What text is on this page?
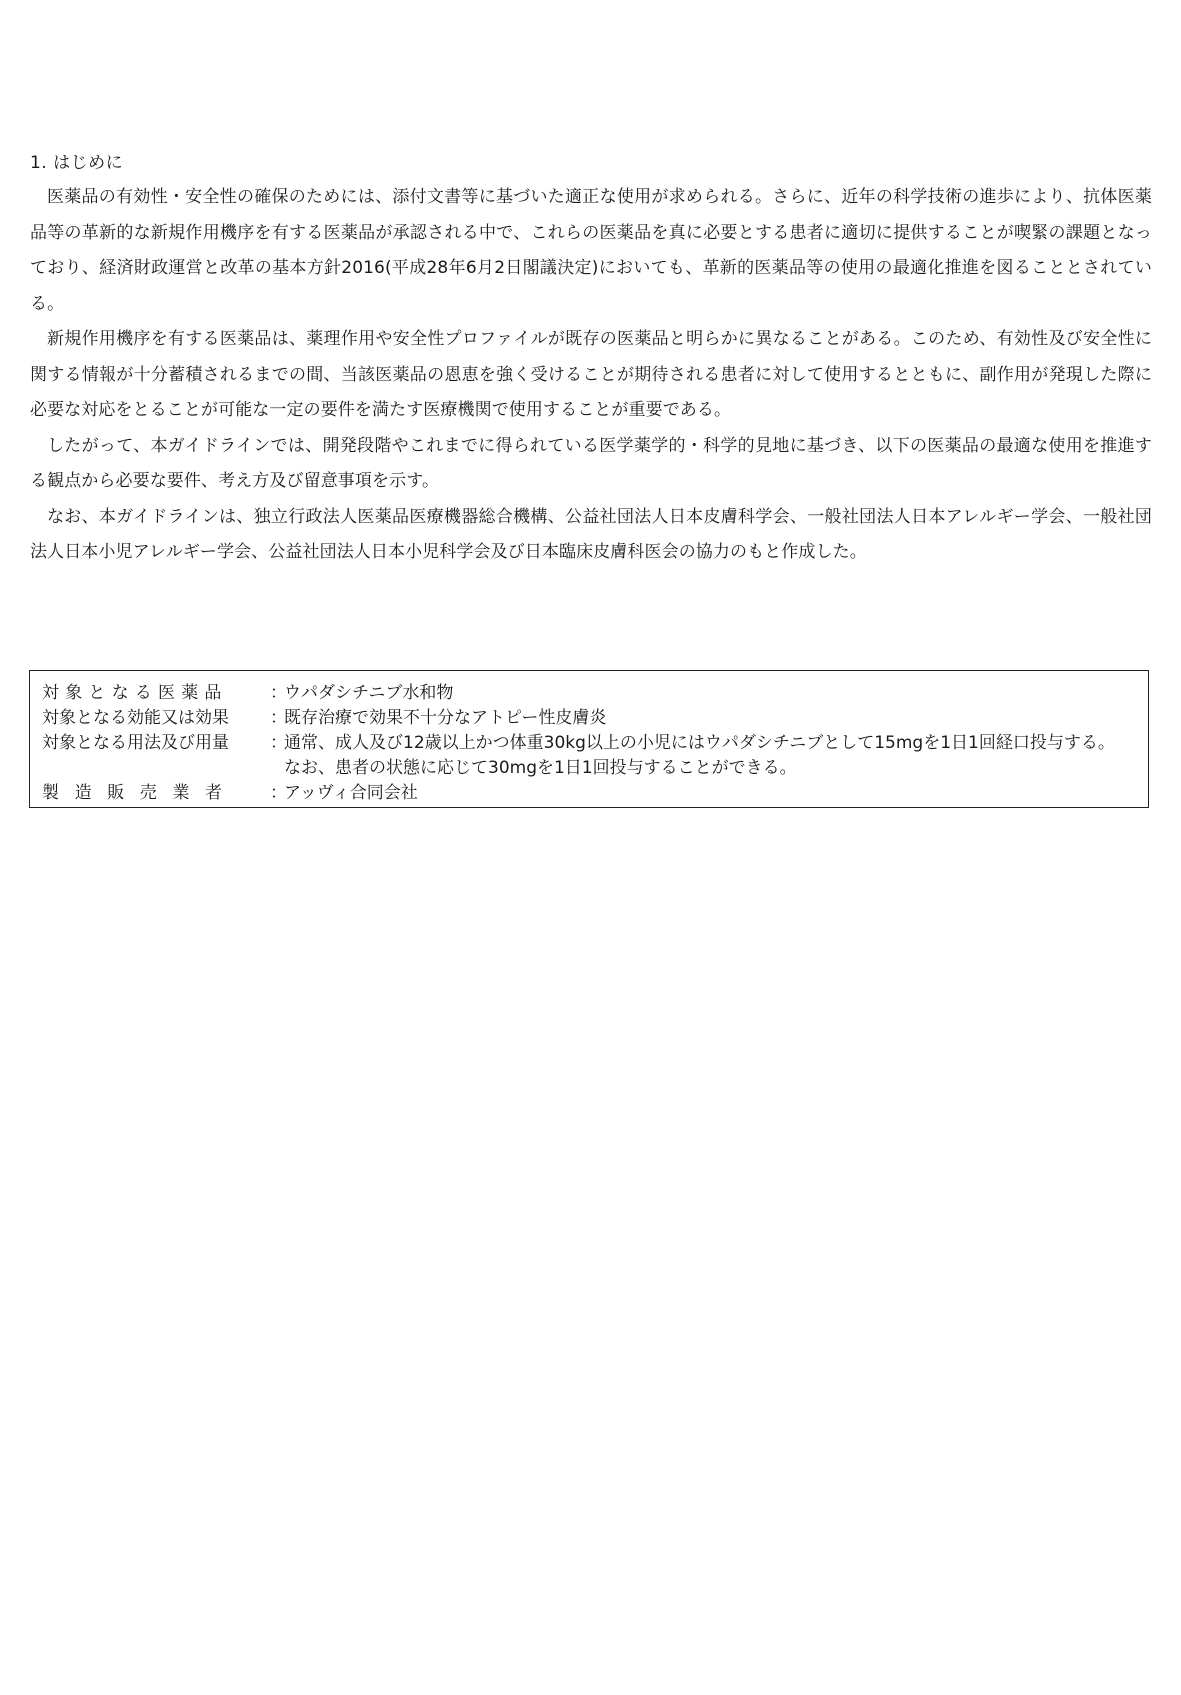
1. はじめに

医薬品の有効性・安全性の確保のためには、添付文書等に基づいた適正な使用が求められる。さらに、近年の科学技術の進歩により、抗体医薬品等の革新的な新規作用機序を有する医薬品が承認される中で、これらの医薬品を真に必要とする患者に適切に提供することが喫緊の課題となっており、経済財政運営と改革の基本方針2016(平成28年6月2日閣議決定)においても、革新的医薬品等の使用の最適化推進を図ることとされている。

新規作用機序を有する医薬品は、薬理作用や安全性プロファイルが既存の医薬品と明らかに異なることがある。このため、有効性及び安全性に関する情報が十分蓄積されるまでの間、当該医薬品の恩恵を強く受けることが期待される患者に対して使用するとともに、副作用が発現した際に必要な対応をとることが可能な一定の要件を満たす医療機関で使用することが重要である。

したがって、本ガイドラインでは、開発段階やこれまでに得られている医学薬学的・科学的見地に基づき、以下の医薬品の最適な使用を推進する観点から必要な要件、考え方及び留意事項を示す。

なお、本ガイドラインは、独立行政法人医薬品医療機器総合機構、公益社団法人日本皮膚科学会、一般社団法人日本アレルギー学会、一般社団法人日本小児アレルギー学会、公益社団法人日本小児科学会及び日本臨床皮膚科医会の協力のもと作成した。

対象となる医薬品	：
ウパダシチニブ水和物
対象となる効能又は効果	：
既存治療で効果不十分なアトピー性皮膚炎
対象となる用法及び用量	：
通常、成人及び12歳以上かつ体重30kg以上の小児にはウパダシチニブとして15mgを1日1回経口投与する。
なお、患者の状態に応じて30mgを1日1回投与することができる。
製造販売業者	：
アッヴィ合同会社
